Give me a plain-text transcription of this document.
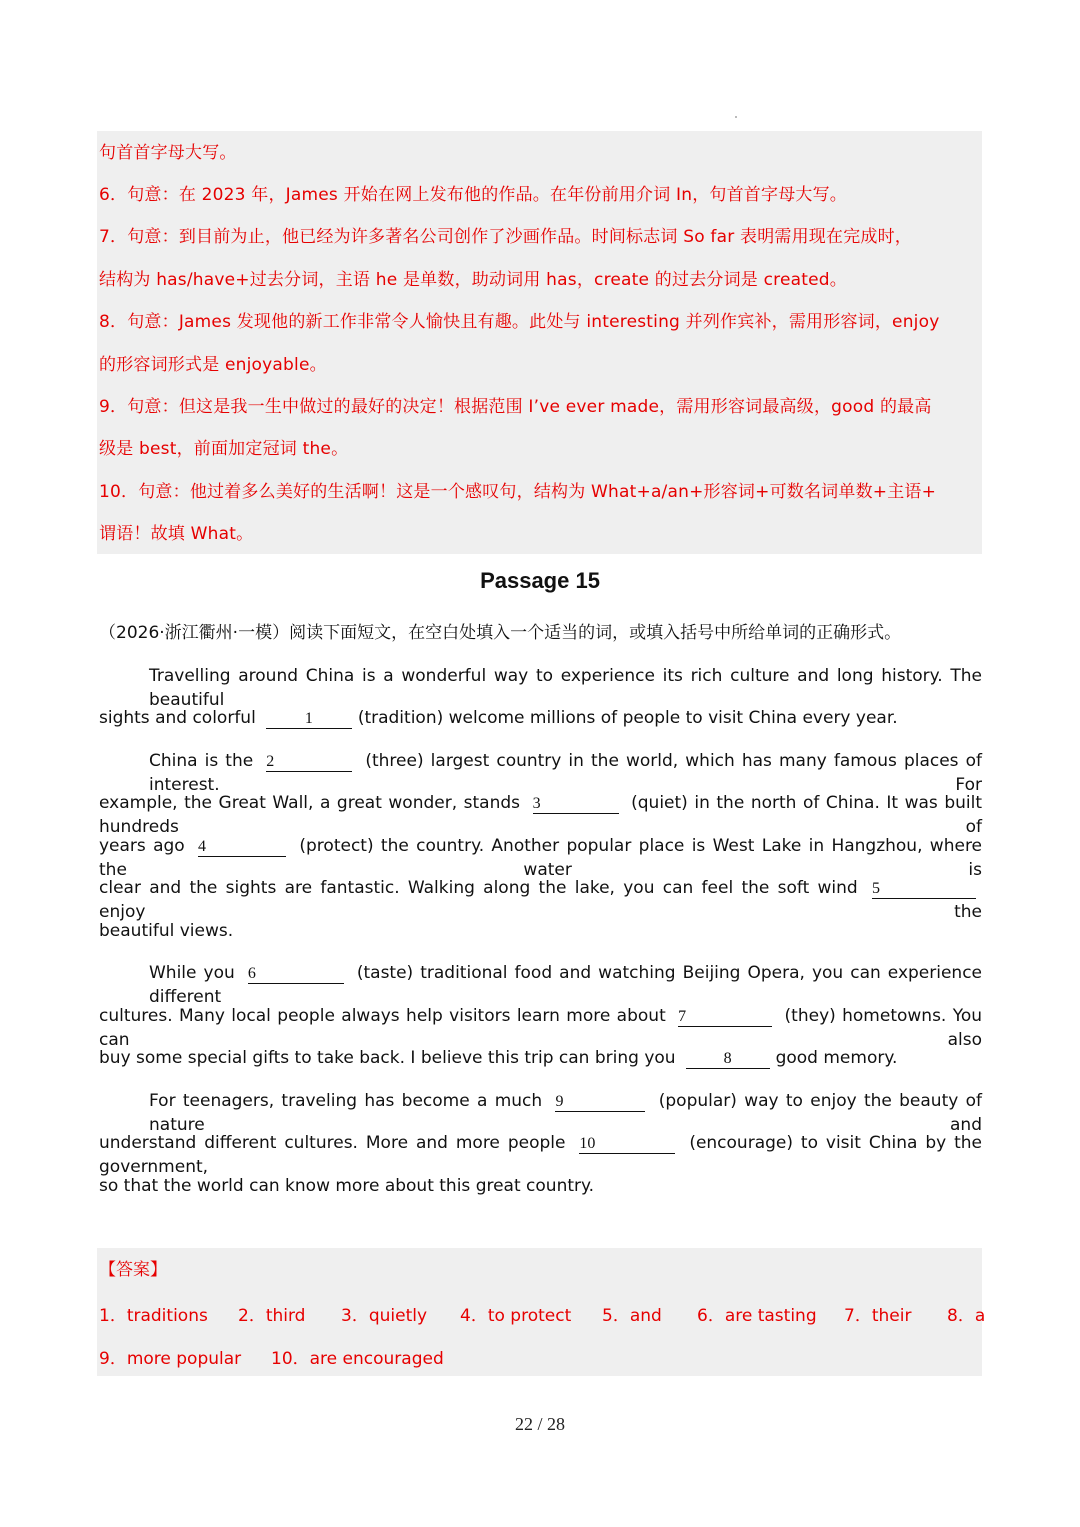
句首首字母大写。
6．句意：在 2023 年，James 开始在网上发布他的作品。在年份前用介词 In，句首首字母大写。
7．句意：到目前为止，他已经为许多著名公司创作了沙画作品。时间标志词 So far 表明需用现在完成时，
结构为 has/have+过去分词，主语 he 是单数，助动词用 has，create 的过去分词是 created。
8．句意：James 发现他的新工作非常令人愉快且有趣。此处与 interesting 并列作宾补，需用形容词，enjoy
的形容词形式是 enjoyable。
9．句意：但这是我一生中做过的最好的决定！根据范围 I’ve ever made，需用形容词最高级，good 的最高
级是 best，前面加定冠词 the。
10．句意：他过着多么美好的生活啊！这是一个感叹句，结构为 What+a/an+形容词+可数名词单数+主语+
谓语！故填 What。
Passage 15
（2026·浙江衢州·一模）阅读下面短文，在空白处填入一个适当的词，或填入括号中所给单词的正确形式。
Travelling around China is a wonderful way to experience its rich culture and long history. The beautiful
sights and colorful	1	(tradition) welcome millions of people to visit China every year.
China is the 2	(three) largest country in the world, which has many famous places of interest. For
example, the Great Wall, a great wonder, stands 3	(quiet) in the north of China. It was built hundreds of
years ago 4	(protect) the country. Another popular place is West Lake in Hangzhou, where the water is
clear and the sights are fantastic. Walking along the lake, you can feel the soft wind 5 enjoy the
beautiful views.
While you 6	(taste) traditional food and watching Beijing Opera, you can experience different
cultures. Many local people always help visitors learn more about 7	(they) hometowns. You can also
buy some special gifts to take back. I believe this trip can bring you	8	good memory.
For teenagers, traveling has become a much 9	(popular) way to enjoy the beauty of nature and
understand different cultures. More and more people 10	(encourage) to visit China by the government,
so that the world can know more about this great country.
【答案】
1．traditions 2．third 3．quietly 4．to protect 5．and 6．are tasting 7．their 8．a
9．more popular 10．are encouraged
22 / 28
